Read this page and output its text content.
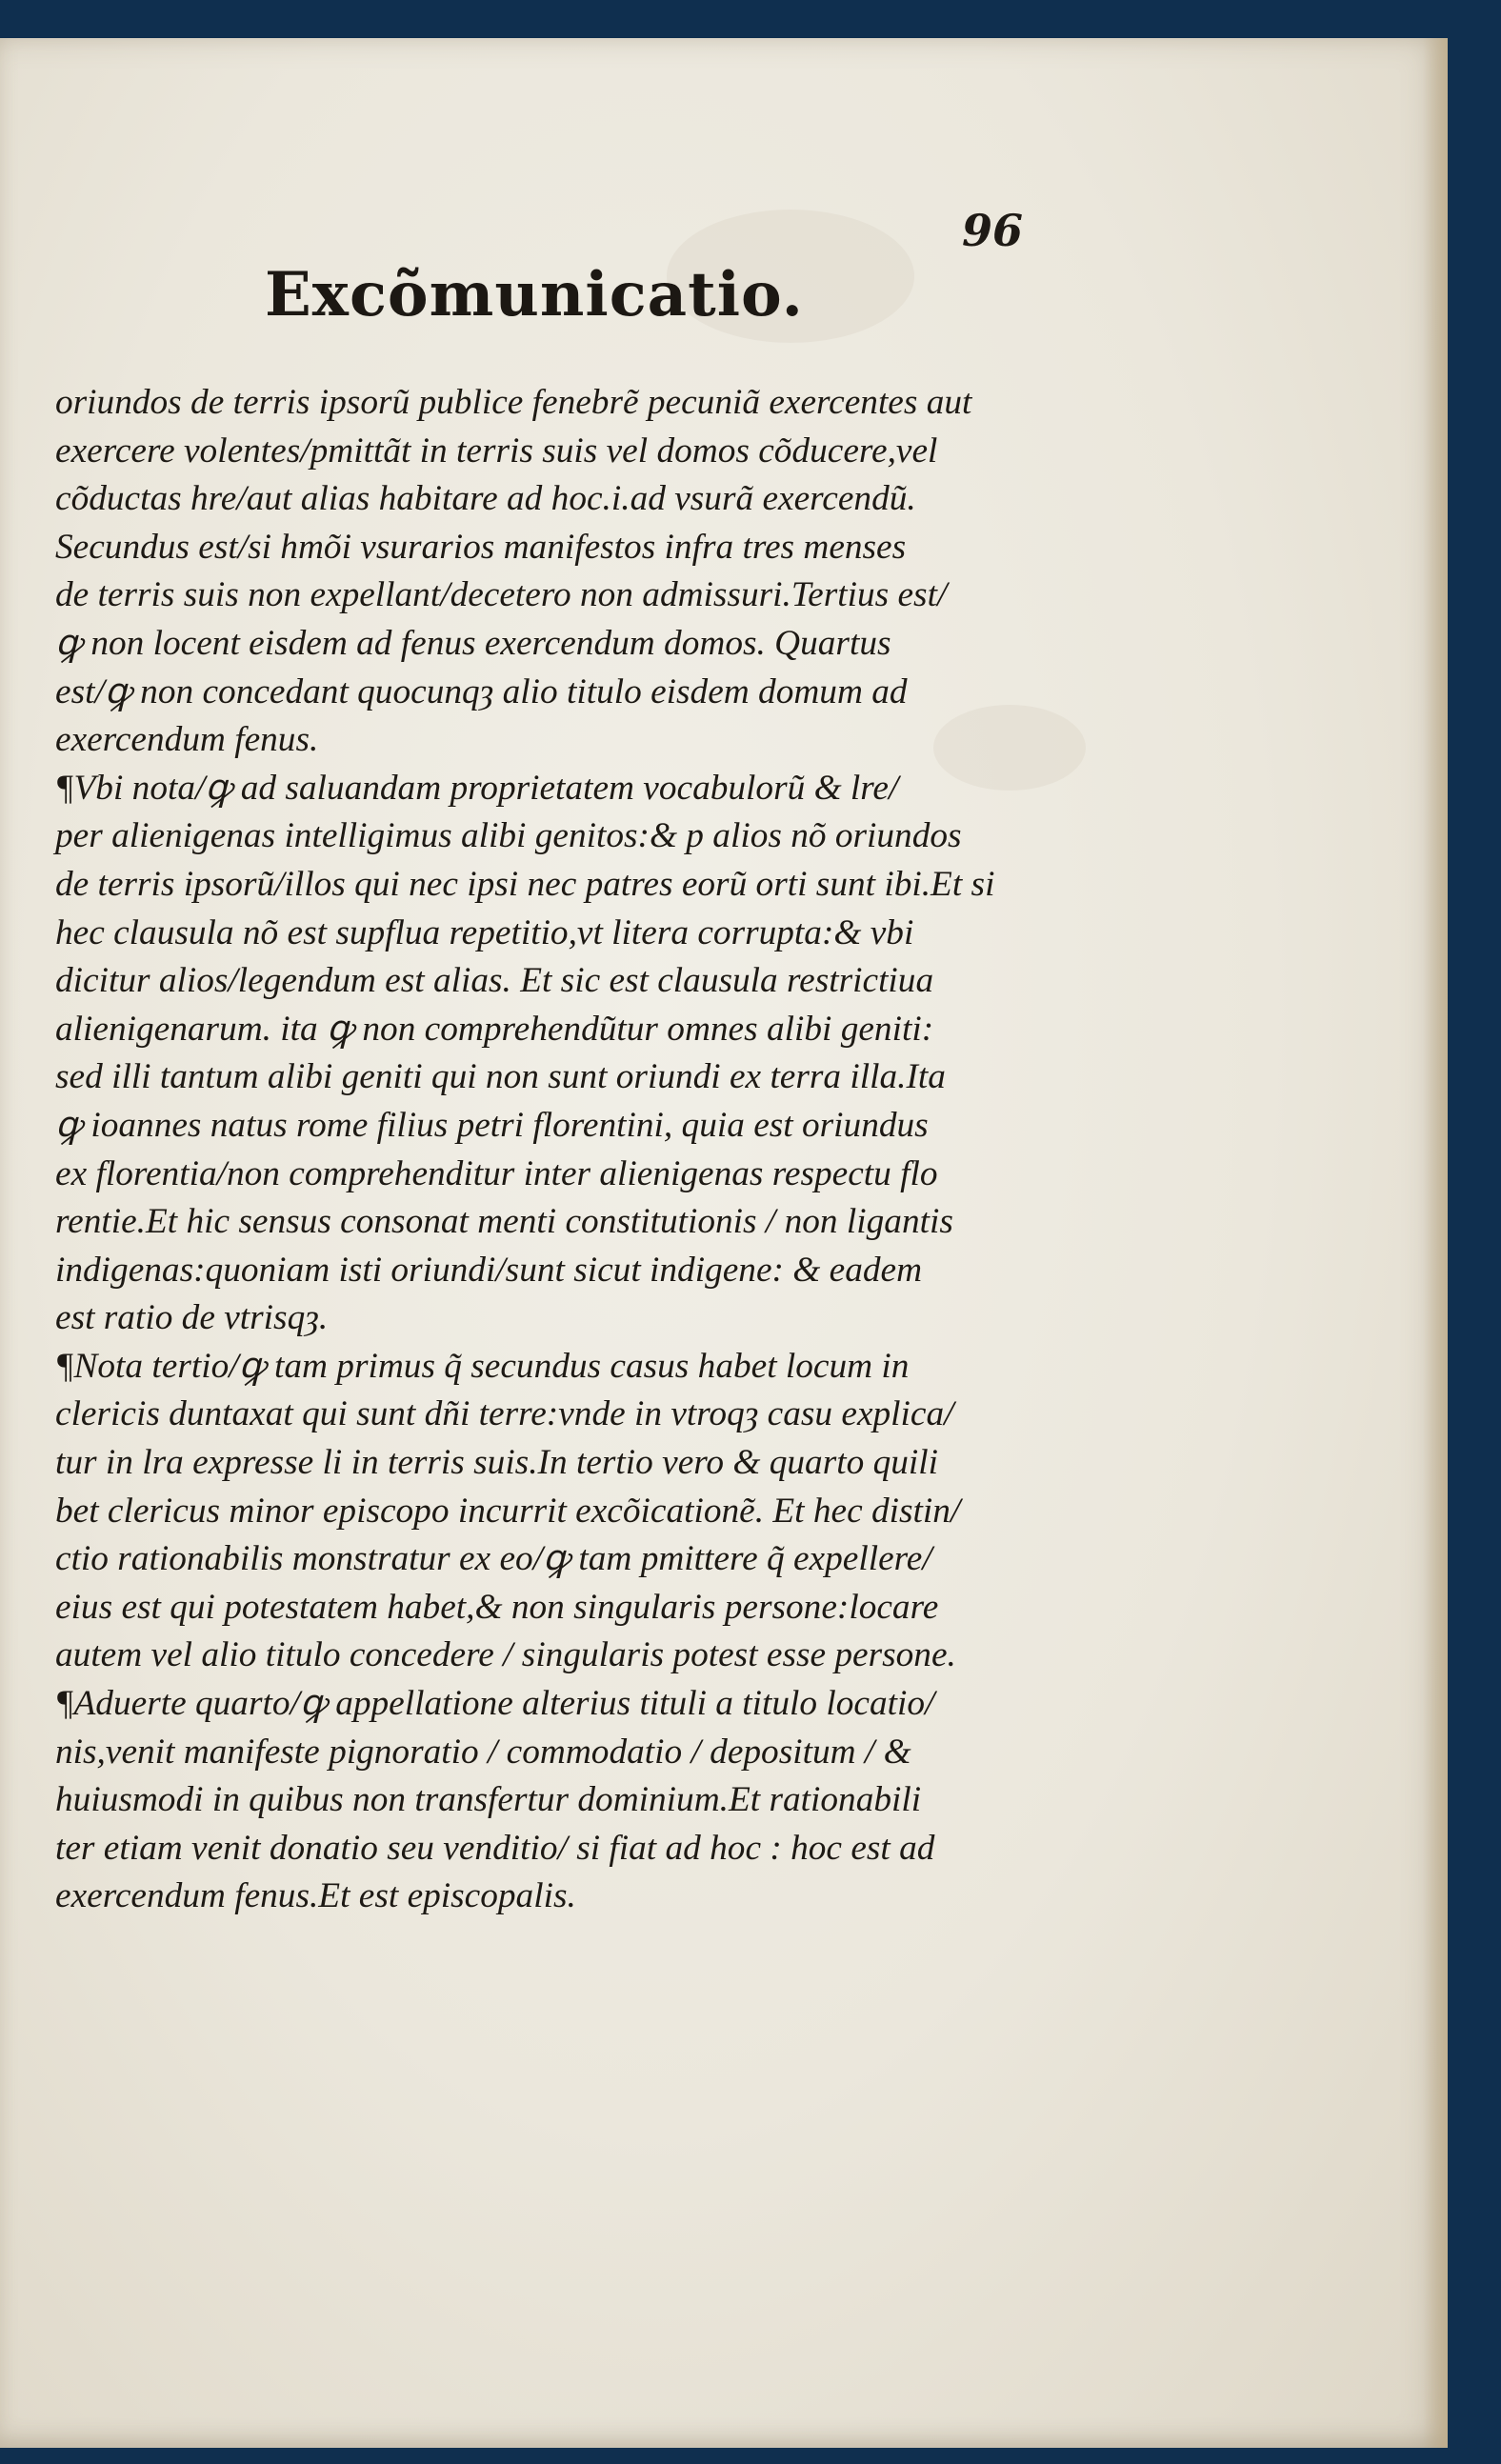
96
Excõmunicatio.
oriundos de terris ipsorũ publice fenebrẽ pecuniã exercentes aut
exercere volentes/pmittãt in terris suis vel domos cõducere,vel
cõductas hre/aut alias habitare ad hoc.i.ad vsurã exercendũ.
Secundus est/si hmõi vsurarios manifestos infra tres menses
de terris suis non expellant/decetero non admissuri.Tertius est/
ꝙ non locent eisdem ad fenus exercendum domos. Quartus
est/ꝙ non concedant quocunqȝ alio titulo eisdem domum ad
exercendum fenus.
¶Vbi nota/ꝙ ad saluandam proprietatem vocabulorũ & lre/
per alienigenas intelligimus alibi genitos:& p alios nõ oriundos
de terris ipsorũ/illos qui nec ipsi nec patres eorũ orti sunt ibi.Et si
hec clausula nõ est supflua repetitio,vt litera corrupta:& vbi
dicitur alios/legendum est alias. Et sic est clausula restrictiua
alienigenarum. ita ꝙ non comprehendũtur omnes alibi geniti:
sed illi tantum alibi geniti qui non sunt oriundi ex terra illa.Ita
ꝙ ioannes natus rome filius petri florentini, quia est oriundus
ex florentia/non comprehenditur inter alienigenas respectu flo
rentie.Et hic sensus consonat menti constitutionis / non ligantis
indigenas:quoniam isti oriundi/sunt sicut indigene: & eadem
est ratio de vtrisqȝ.
¶Nota tertio/ꝙ tam primus q̃ secundus casus habet locum in
clericis duntaxat qui sunt dñi terre:vnde in vtroqȝ casu explica/
tur in lra expresse li in terris suis.In tertio vero & quarto quili
bet clericus minor episcopo incurrit excõicationẽ. Et hec distin/
ctio rationabilis monstratur ex eo/ꝙ tam pmittere q̃ expellere/
eius est qui potestatem habet,& non singularis persone:locare
autem vel alio titulo concedere / singularis potest esse persone.
¶Aduerte quarto/ꝙ appellatione alterius tituli a titulo locatio/
nis,venit manifeste pignoratio / commodatio / depositum / &
huiusmodi in quibus non transfertur dominium.Et rationabili
ter etiam venit donatio seu venditio/ si fiat ad hoc : hoc est ad
exercendum fenus.Et est episcopalis.
